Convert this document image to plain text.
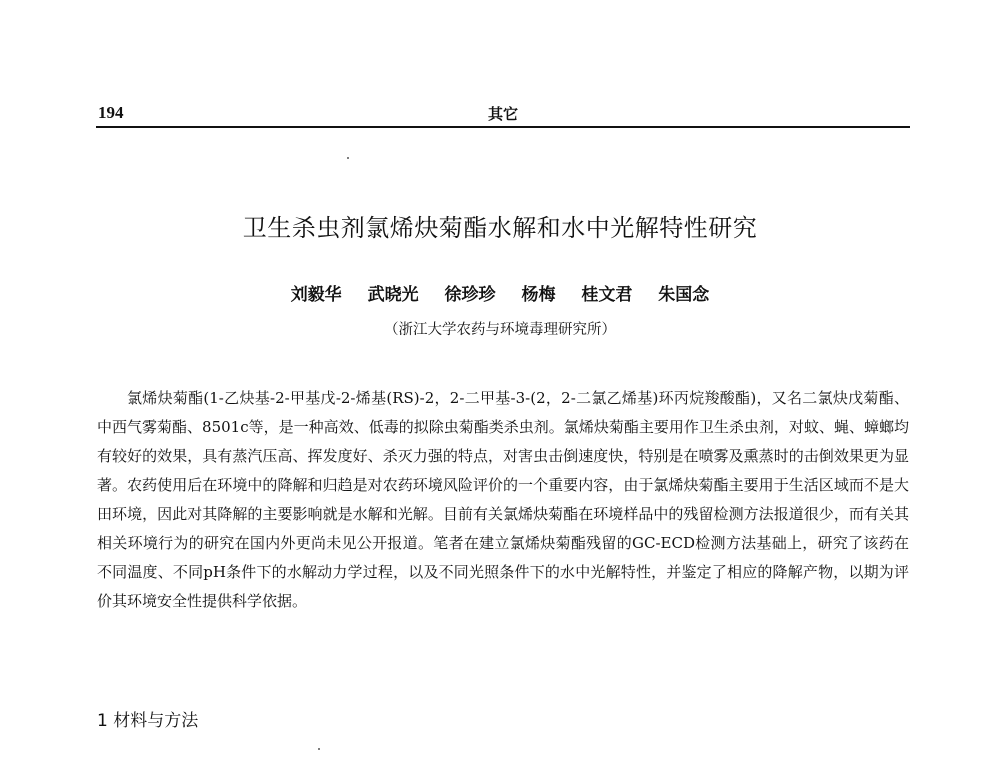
194	其它
卫生杀虫剂氯烯炔菊酯水解和水中光解特性研究
刘毅华 武晓光 徐珍珍 杨梅 桂文君 朱国念
（浙江大学农药与环境毒理研究所）

氯烯炔菊酯(1-乙炔基-2-甲基戊-2-烯基(RS)-2，2-二甲基-3-(2，2-二氯乙烯基)环丙烷羧酸酯)，又名二氯炔戊菊酯、中西气雾菊酯、8501c等，是一种高效、低毒的拟除虫菊酯类杀虫剂。氯烯炔菊酯主要用作卫生杀虫剂，对蚊、蝇、蟑螂均有较好的效果，具有蒸汽压高、挥发度好、杀灭力强的特点，对害虫击倒速度快，特别是在喷雾及熏蒸时的击倒效果更为显著。农药使用后在环境中的降解和归趋是对农药环境风险评价的一个重要内容，由于氯烯炔菊酯主要用于生活区域而不是大田环境，因此对其降解的主要影响就是水解和光解。目前有关氯烯炔菊酯在环境样品中的残留检测方法报道很少，而有关其相关环境行为的研究在国内外更尚未见公开报道。笔者在建立氯烯炔菊酯残留的GC-ECD检测方法基础上，研究了该药在不同温度、不同pH条件下的水解动力学过程，以及不同光照条件下的水中光解特性，并鉴定了相应的降解产物，以期为评价其环境安全性提供科学依据。

1 材料与方法
